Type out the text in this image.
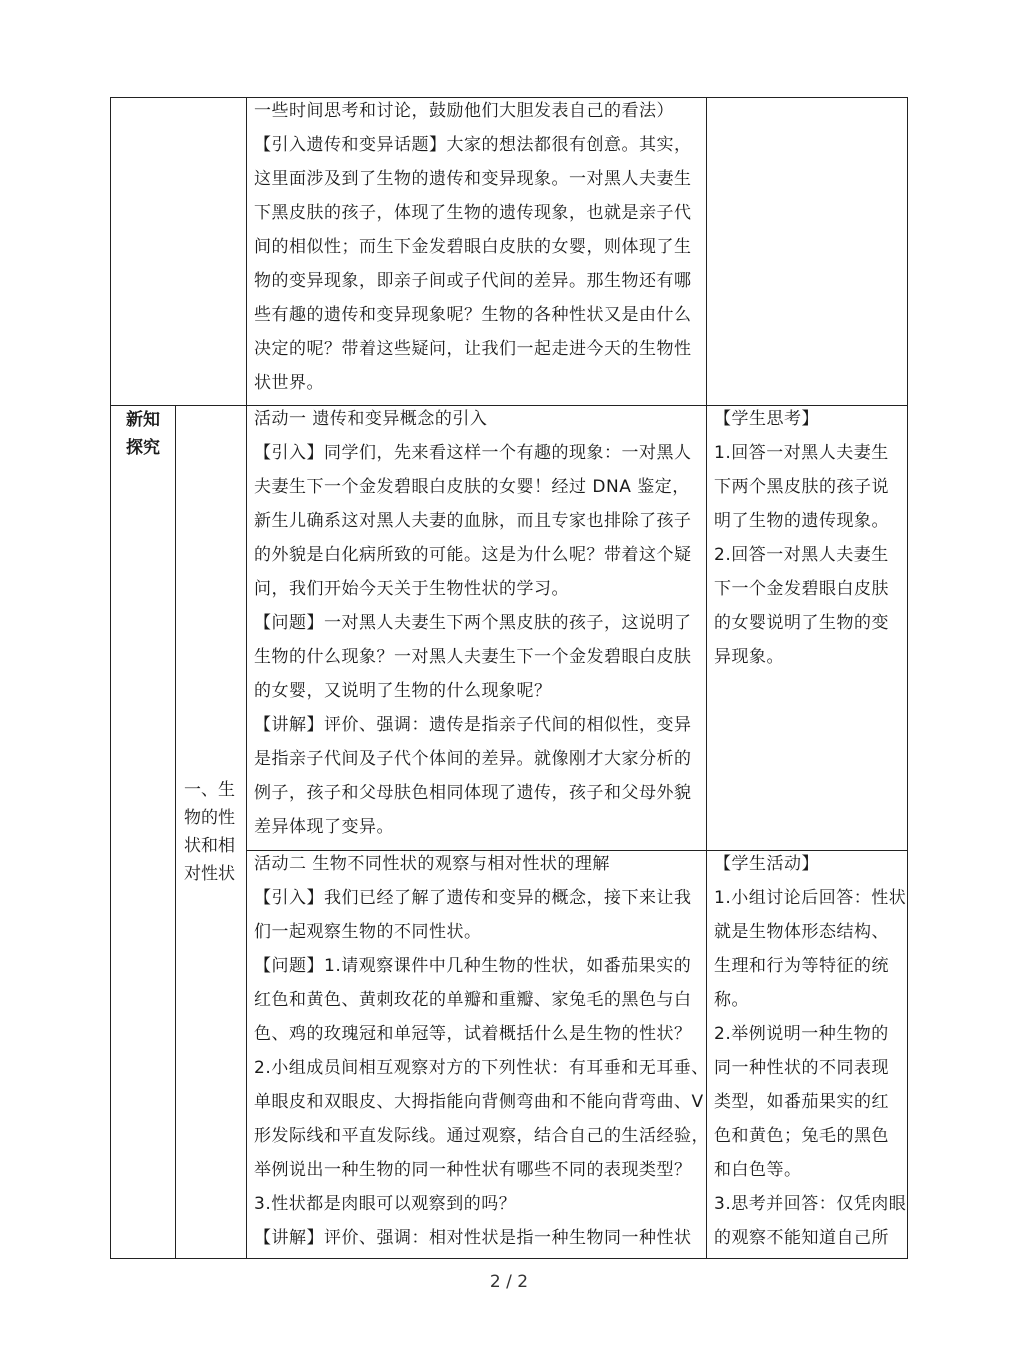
一些时间思考和讨论，鼓励他们大胆发表自己的看法）

【引入遗传和变异话题】大家的想法都很有创意。其实，

这里面涉及到了生物的遗传和变异现象。一对黑人夫妻生

下黑皮肤的孩子，体现了生物的遗传现象，也就是亲子代

间的相似性；而生下金发碧眼白皮肤的女婴，则体现了生

物的变异现象，即亲子间或子代间的差异。那生物还有哪

些有趣的遗传和变异现象呢？生物的各种性状又是由什么

决定的呢？带着这些疑问，让我们一起走进今天的生物性

状世界。

新知
探究
一、生
物的性
状和相
对性状

活动一 遗传和变异概念的引入

【引入】同学们，先来看这样一个有趣的现象：一对黑人

夫妻生下一个金发碧眼白皮肤的女婴！经过 DNA 鉴定，

新生儿确系这对黑人夫妻的血脉，而且专家也排除了孩子

的外貌是白化病所致的可能。这是为什么呢？带着这个疑

问，我们开始今天关于生物性状的学习。

【问题】一对黑人夫妻生下两个黑皮肤的孩子，这说明了

生物的什么现象？一对黑人夫妻生下一个金发碧眼白皮肤

的女婴，又说明了生物的什么现象呢？

【讲解】评价、强调：遗传是指亲子代间的相似性，变异

是指亲子代间及子代个体间的差异。就像刚才大家分析的

例子，孩子和父母肤色相同体现了遗传，孩子和父母外貌

差异体现了变异。

【学生思考】

1.回答一对黑人夫妻生

下两个黑皮肤的孩子说

明了生物的遗传现象。

2.回答一对黑人夫妻生

下一个金发碧眼白皮肤

的女婴说明了生物的变

异现象。

活动二 生物不同性状的观察与相对性状的理解

【引入】我们已经了解了遗传和变异的概念，接下来让我

们一起观察生物的不同性状。

【问题】1.请观察课件中几种生物的性状，如番茄果实的

红色和黄色、黄刺玫花的单瓣和重瓣、家兔毛的黑色与白

色、鸡的玫瑰冠和单冠等，试着概括什么是生物的性状？

2.小组成员间相互观察对方的下列性状：有耳垂和无耳垂、

单眼皮和双眼皮、大拇指能向背侧弯曲和不能向背弯曲、V

形发际线和平直发际线。通过观察，结合自己的生活经验，

举例说出一种生物的同一种性状有哪些不同的表现类型？

3.性状都是肉眼可以观察到的吗？

【讲解】评价、强调：相对性状是指一种生物同一种性状

【学生活动】

1.小组讨论后回答：性状

就是生物体形态结构、

生理和行为等特征的统

称。

2.举例说明一种生物的

同一种性状的不同表现

类型，如番茄果实的红

色和黄色；兔毛的黑色

和白色等。

3.思考并回答：仅凭肉眼

的观察不能知道自己所

2 / 2
